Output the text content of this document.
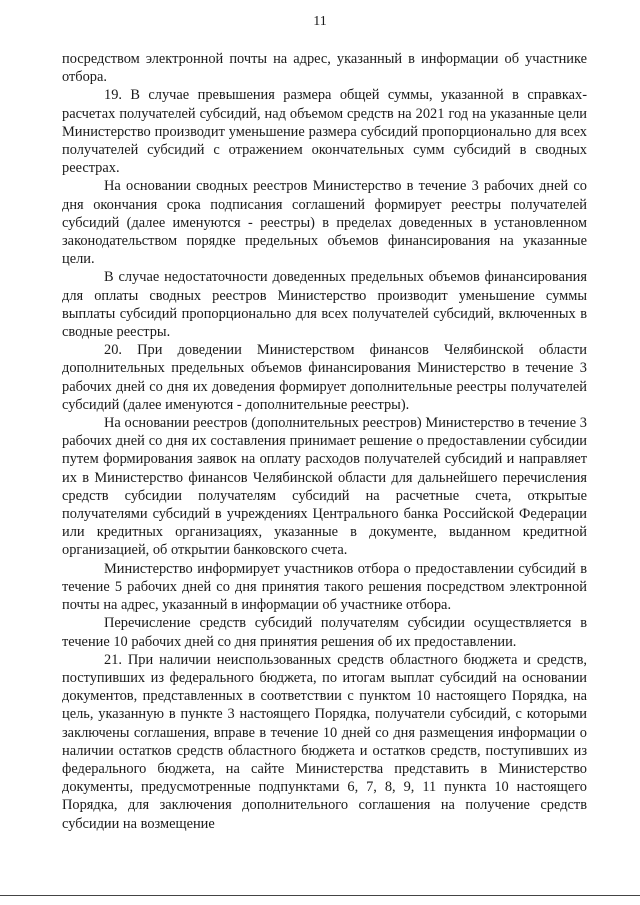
11

посредством электронной почты на адрес, указанный в информации об участнике отбора.

19. В случае превышения размера общей суммы, указанной в справках-расчетах получателей субсидий, над объемом средств на 2021 год на указанные цели Министерство производит уменьшение размера субсидий пропорционально для всех получателей субсидий с отражением окончательных сумм субсидий в сводных реестрах.

На основании сводных реестров Министерство в течение 3 рабочих дней со дня окончания срока подписания соглашений формирует реестры получателей субсидий (далее именуются - реестры) в пределах доведенных в установленном законодательством порядке предельных объемов финансирования на указанные цели.

В случае недостаточности доведенных предельных объемов финансирования для оплаты сводных реестров Министерство производит уменьшение суммы выплаты субсидий пропорционально для всех получателей субсидий, включенных в сводные реестры.

20. При доведении Министерством финансов Челябинской области дополнительных предельных объемов финансирования Министерство в течение 3 рабочих дней со дня их доведения формирует дополнительные реестры получателей субсидий (далее именуются - дополнительные реестры).

На основании реестров (дополнительных реестров) Министерство в течение 3 рабочих дней со дня их составления принимает решение о предоставлении субсидии путем формирования заявок на оплату расходов получателей субсидий и направляет их в Министерство финансов Челябинской области для дальнейшего перечисления средств субсидии получателям субсидий на расчетные счета, открытые получателями субсидий в учреждениях Центрального банка Российской Федерации или кредитных организациях, указанные в документе, выданном кредитной организацией, об открытии банковского счета.

Министерство информирует участников отбора о предоставлении субсидий в течение 5 рабочих дней со дня принятия такого решения посредством электронной почты на адрес, указанный в информации об участнике отбора.

Перечисление средств субсидий получателям субсидии осуществляется в течение 10 рабочих дней со дня принятия решения об их предоставлении.

21. При наличии неиспользованных средств областного бюджета и средств, поступивших из федерального бюджета, по итогам выплат субсидий на основании документов, представленных в соответствии с пунктом 10 настоящего Порядка, на цель, указанную в пункте 3 настоящего Порядка, получатели субсидий, с которыми заключены соглашения, вправе в течение 10 дней со дня размещения информации о наличии остатков средств областного бюджета и остатков средств, поступивших из федерального бюджета, на сайте Министерства представить в Министерство документы, предусмотренные подпунктами 6, 7, 8, 9, 11 пункта 10 настоящего Порядка, для заключения дополнительного соглашения на получение средств субсидии на возмещение
